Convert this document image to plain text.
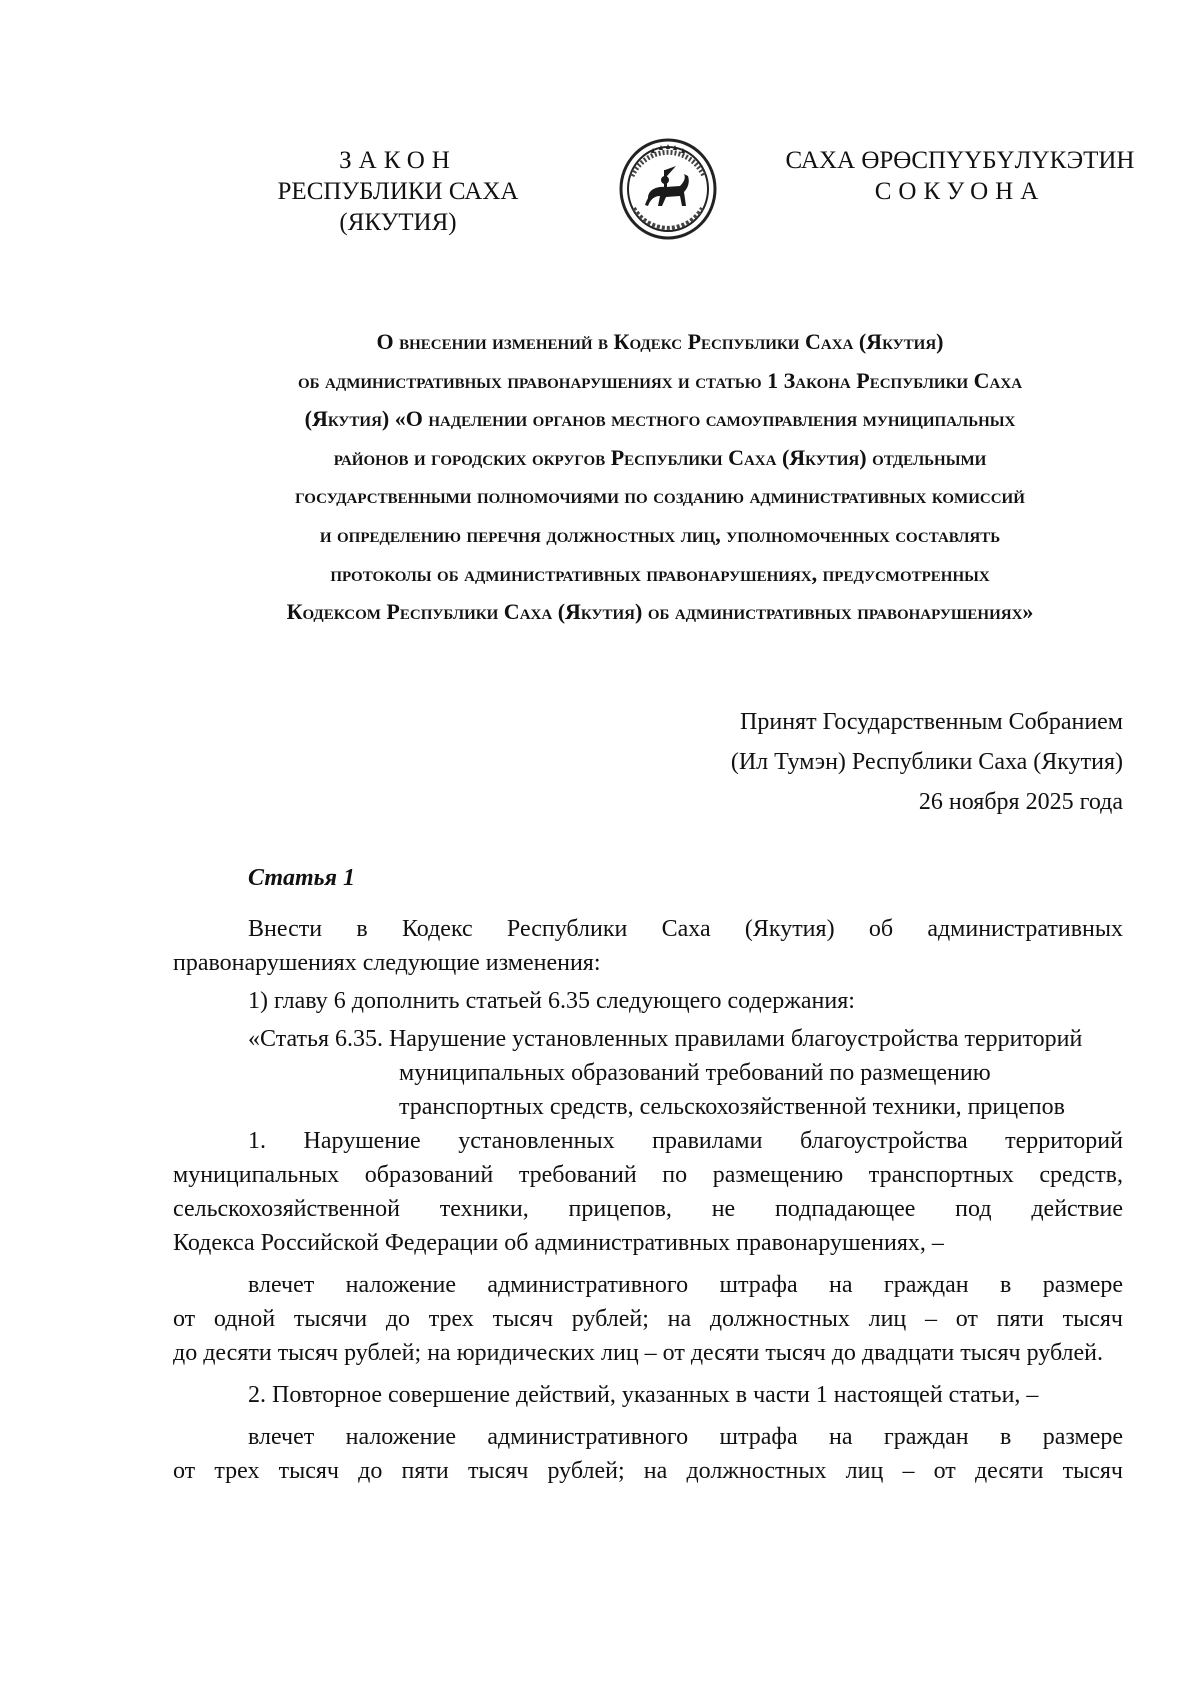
ЗАКОН
РЕСПУБЛИКИ САХА (ЯКУТИЯ)
САХА ӨРӨСПҮҮБҮЛҮКЭТИН
СОКУОНА
О внесении изменений в Кодекс Республики Саха (Якутия)
об административных правонарушениях и статью 1 Закона Республики Саха
(Якутия) «О наделении органов местного самоуправления муниципальных
районов и городских округов Республики Саха (Якутия) отдельными
государственными полномочиями по созданию административных комиссий
и определению перечня должностных лиц, уполномоченных составлять
протоколы об административных правонарушениях, предусмотренных
Кодексом Республики Саха (Якутия) об административных правонарушениях»
Принят Государственным Собранием
(Ил Тумэн) Республики Саха (Якутия)
26 ноября 2025 года
Статья 1
Внести в Кодекс Республики Саха (Якутия) об административных
правонарушениях следующие изменения:
1) главу 6 дополнить статьей 6.35 следующего содержания:
«Статья 6.35. Нарушение установленных правилами благоустройства территорий
муниципальных образований требований по размещению
транспортных средств, сельскохозяйственной техники, прицепов
1. Нарушение установленных правилами благоустройства территорий
муниципальных образований требований по размещению транспортных средств,
сельскохозяйственной техники, прицепов, не подпадающее под действие
Кодекса Российской Федерации об административных правонарушениях, –
влечет наложение административного штрафа на граждан в размере
от одной тысячи до трех тысяч рублей; на должностных лиц – от пяти тысяч
до десяти тысяч рублей; на юридических лиц – от десяти тысяч до двадцати тысяч рублей.
2. Повторное совершение действий, указанных в части 1 настоящей статьи, –
влечет наложение административного штрафа на граждан в размере
от трех тысяч до пяти тысяч рублей; на должностных лиц – от десяти тысяч
